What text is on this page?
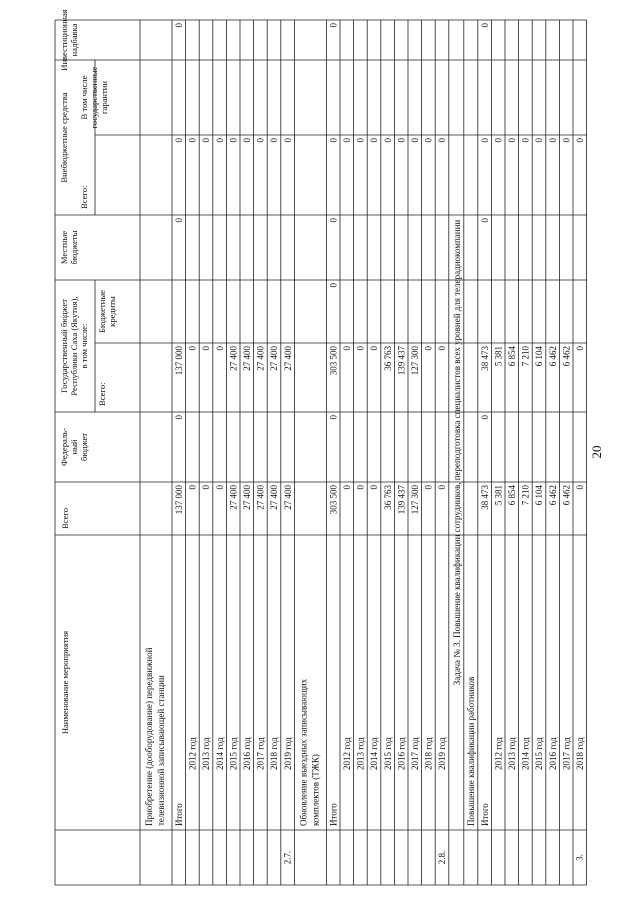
20
Наименование мероприятия
Всего
Федераль- ный бюджет
Государственный бюджет Республики Саха (Якутия), в том числе:
Всего:
Бюджетные кредиты
Местные бюджеты
Внебюджетные средства
Всего:
В том числе государственные гарантии
Инвестиционная надбавка
Приобретение (дооборудование) передвижной телевизионной записывающей станции Итого
137 000
0
137 000
0
0
0
2012 год
0
0
0
2013 год
0
0
0
2014 год
0
0
0
2015 год
27 400
27 400
0
2016 год
27 400
27 400
0
2017 год
27 400
27 400
0
2018 год
27 400
27 400
0
2019 год
27 400
27 400
0
Обновление выездных записывающих комплектов (ТЖК) Итого
303 500
0
303 500
0
0
0
0
2012 год
0
0
0
2013 год
0
0
0
2014 год
0
0
0
2015 год
36 763
36 763
0
2016 год
139 437
139 437
0
2017 год
127 300
127 300
0
2018 год
0
0
0
2019 год
0
0
0
Задача № 3. Повышение квалификации сотрудников, переподготовка специалистов всех уровней для телерадиокомпании
Повышение квалификации работников Итого
38 473
0
38 473
0
0
0
2012 год
5 381
5 381
0
2013 год
6 854
6 854
0
2014 год
7 210
7 210
0
2015 год
6 104
6 104
0
2016 год
6 462
6 462
0
2017 год
6 462
6 462
0
2018 год
0
0
0
2.7.	2.8.	3.
